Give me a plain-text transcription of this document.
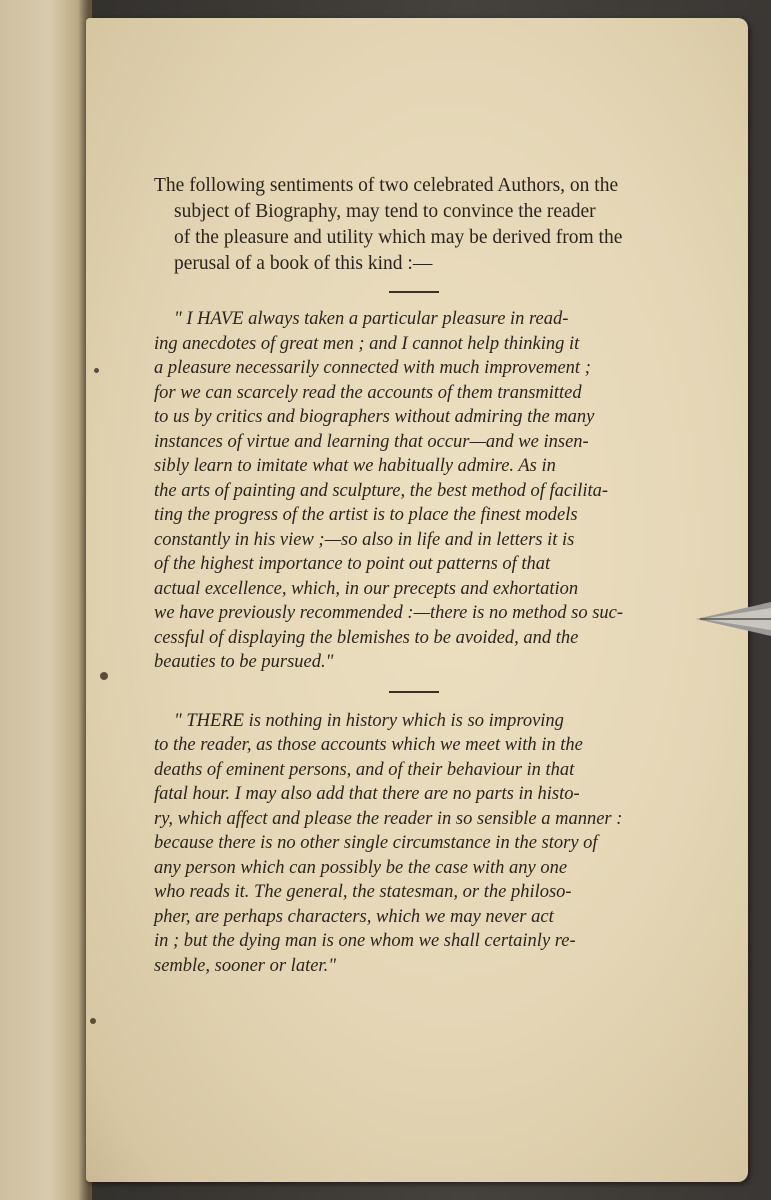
The following sentiments of two celebrated Authors, on the

subject of Biography, may tend to convince the reader

of the pleasure and utility which may be derived from the

perusal of a book of this kind :—

" I HAVE always taken a particular pleasure in read-

ing anecdotes of great men ; and I cannot help thinking it

a pleasure necessarily connected with much improvement ;

for we can scarcely read the accounts of them transmitted

to us by critics and biographers without admiring the many

instances of virtue and learning that occur—and we insen-

sibly learn to imitate what we habitually admire. As in

the arts of painting and sculpture, the best method of facilita-

ting the progress of the artist is to place the finest models

constantly in his view ;—so also in life and in letters it is

of the highest importance to point out patterns of that

actual excellence, which, in our precepts and exhortation

we have previously recommended :—there is no method so suc-

cessful of displaying the blemishes to be avoided, and the

beauties to be pursued."

" THERE is nothing in history which is so improving

to the reader, as those accounts which we meet with in the

deaths of eminent persons, and of their behaviour in that

fatal hour. I may also add that there are no parts in histo-

ry, which affect and please the reader in so sensible a manner :

because there is no other single circumstance in the story of

any person which can possibly be the case with any one

who reads it. The general, the statesman, or the philoso-

pher, are perhaps characters, which we may never act

in ; but the dying man is one whom we shall certainly re-

semble, sooner or later."
